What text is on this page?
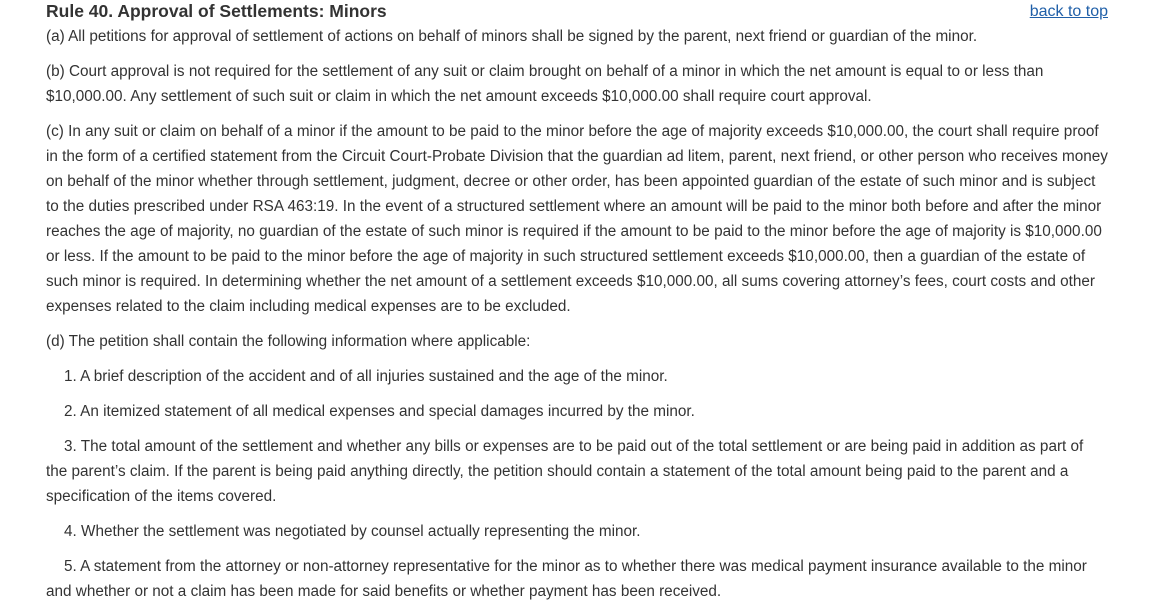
Rule 40. Approval of Settlements: Minors	back to top

(a) All petitions for approval of settlement of actions on behalf of minors shall be signed by the parent, next friend or guardian of the minor.

(b) Court approval is not required for the settlement of any suit or claim brought on behalf of a minor in which the net amount is equal to or less than $10,000.00. Any settlement of such suit or claim in which the net amount exceeds $10,000.00 shall require court approval.

(c) In any suit or claim on behalf of a minor if the amount to be paid to the minor before the age of majority exceeds $10,000.00, the court shall require proof in the form of a certified statement from the Circuit Court-Probate Division that the guardian ad litem, parent, next friend, or other person who receives money on behalf of the minor whether through settlement, judgment, decree or other order, has been appointed guardian of the estate of such minor and is subject to the duties prescribed under RSA 463:19. In the event of a structured settlement where an amount will be paid to the minor both before and after the minor reaches the age of majority, no guardian of the estate of such minor is required if the amount to be paid to the minor before the age of majority is $10,000.00 or less. If the amount to be paid to the minor before the age of majority in such structured settlement exceeds $10,000.00, then a guardian of the estate of such minor is required. In determining whether the net amount of a settlement exceeds $10,000.00, all sums covering attorney’s fees, court costs and other expenses related to the claim including medical expenses are to be excluded.

(d) The petition shall contain the following information where applicable:

1. A brief description of the accident and of all injuries sustained and the age of the minor.

2. An itemized statement of all medical expenses and special damages incurred by the minor.

3. The total amount of the settlement and whether any bills or expenses are to be paid out of the total settlement or are being paid in addition as part of the parent’s claim. If the parent is being paid anything directly, the petition should contain a statement of the total amount being paid to the parent and a specification of the items covered.

4. Whether the settlement was negotiated by counsel actually representing the minor.

5. A statement from the attorney or non-attorney representative for the minor as to whether there was medical payment insurance available to the minor and whether or not a claim has been made for said benefits or whether payment has been received.
